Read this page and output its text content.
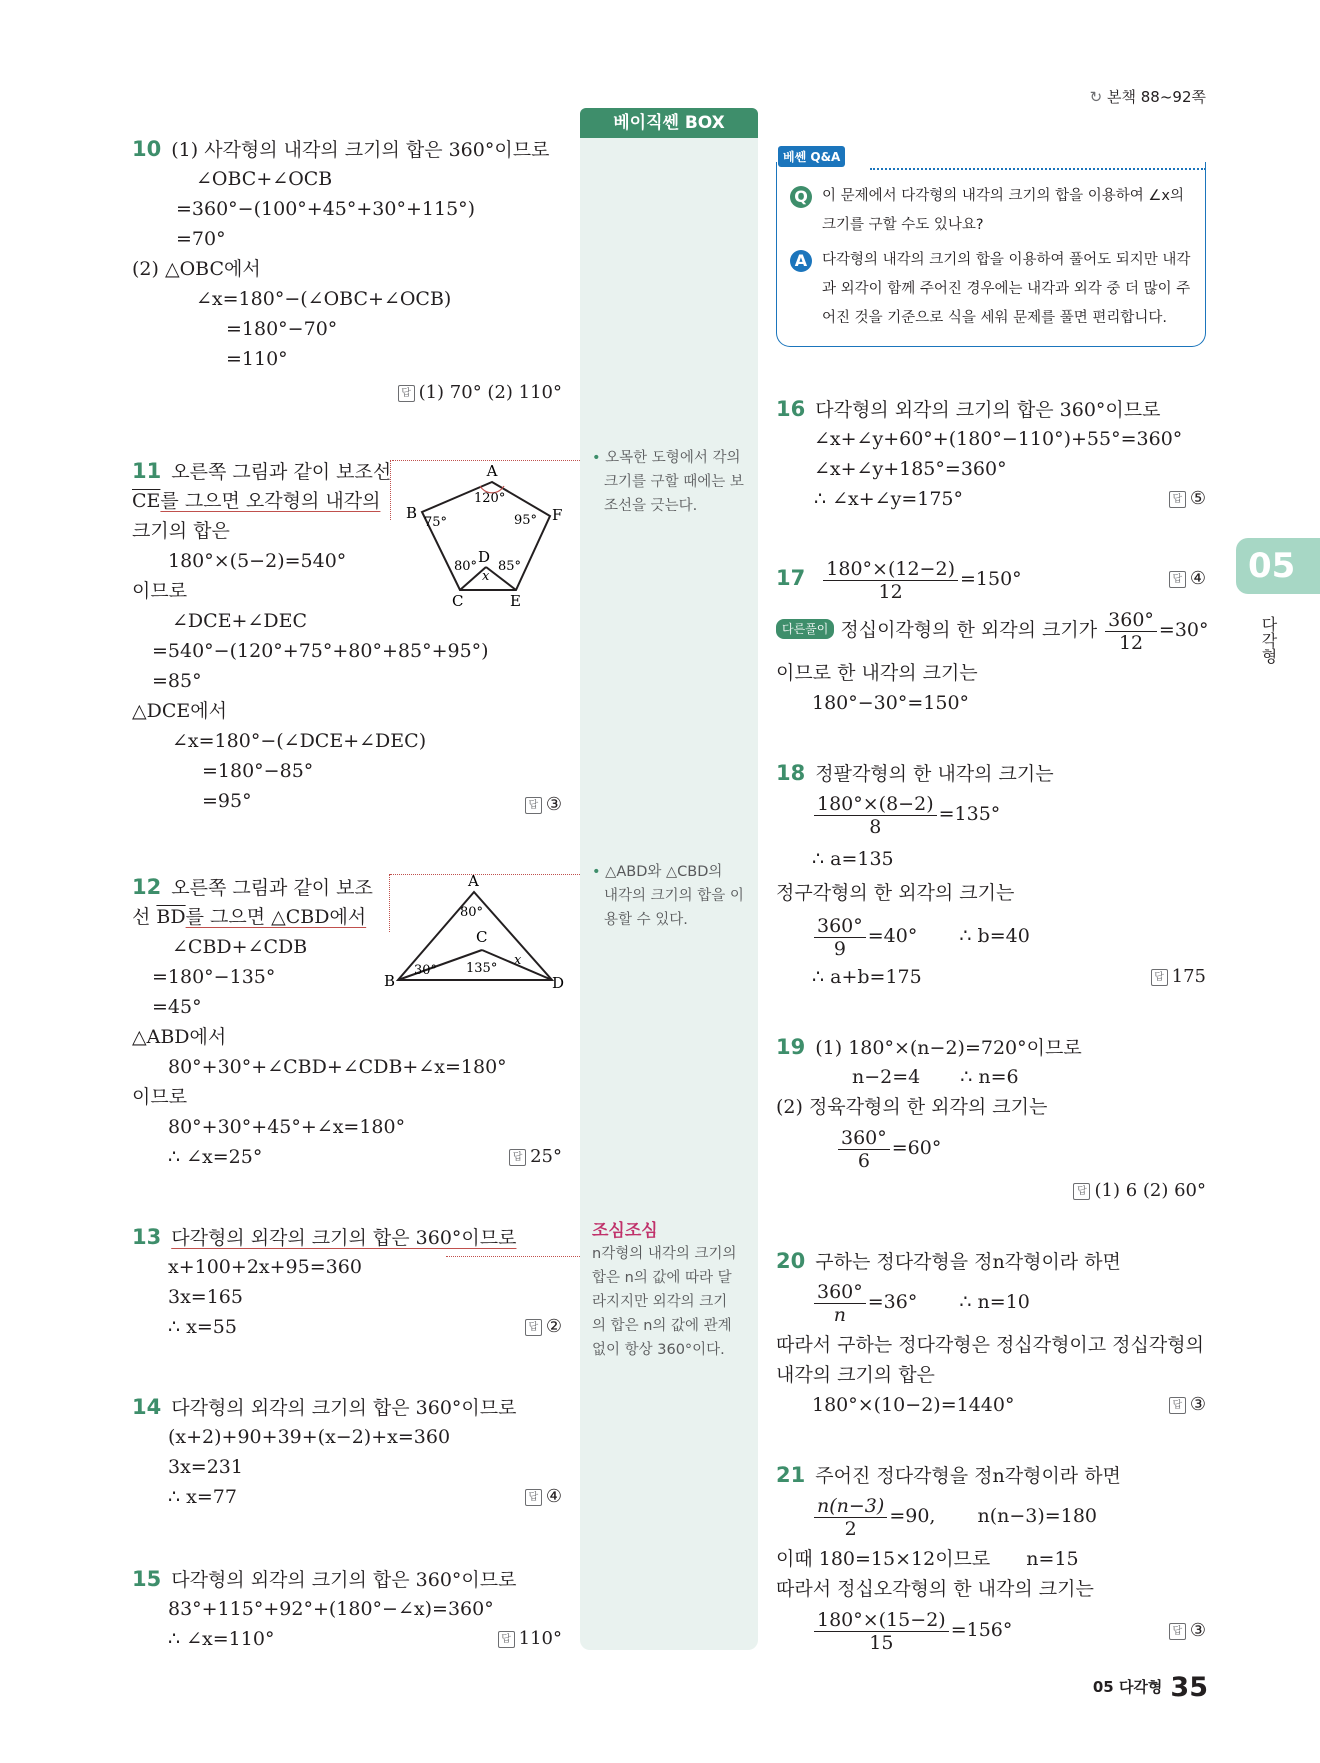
↻ 본책 88~92쪽
베이직쎈 BOX
• 오목한 도형에서 각의
크기를 구할 때에는 보
조선을 긋는다.
• △ABD와 △CBD의
내각의 크기의 합을 이
용할 수 있다.
조심조심
n각형의 내각의 크기의
합은 n의 값에 따라 달
라지지만 외각의 크기
의 합은 n의 값에 관계
없이 항상 360°이다.
베쎈 Q&A
Q 이 문제에서 다각형의 내각의 크기의 합을 이용하여 ∠x의
크기를 구할 수도 있나요?
A	다각형의 내각의 크기의 합을 이용하여 풀어도 되지만 내각
과 외각이 함께 주어진 경우에는 내각과 외각 중 더 많이 주
어진 것을 기준으로 식을 세워 문제를 풀면 편리합니다.
05
다각형
10 (1) 사각형의 내각의 크기의 합은 360°이므로
∠OBC+∠OCB
=360°−(100°+45°+30°+115°)
=70°
(2) △OBC에서
∠x=180°−(∠OBC+∠OCB)
=180°−70°
=110°
답 (1) 70° (2) 110°
11 오른쪽 그림과 같이 보조선
$\overline{CE}$를 그으면 오각형의 내각의
크기의 합은
180°×(5−2)=540°
이므로
∠DCE+∠DEC
=540°−(120°+75°+80°+85°+95°)
=85°
△DCE에서
∠x=180°−(∠DCE+∠DEC)
=180°−85°
=95°	답 ③
A
B
C
D
E
F
120°
75°	95°
80° 85°
x
12 오른쪽 그림과 같이 보조
선 $\overline{BD}$를 그으면 △CBD에서
∠CBD+∠CDB
=180°−135°
=45°
△ABD에서
80°+30°+∠CBD+∠CDB+∠x=180°
이므로
80°+30°+45°+∠x=180°
∴ ∠x=25°	답 25°
A
B
C
D
80°
30° 135°
x
13 다각형의 외각의 크기의 합은 360°이므로
x+100+2x+95=360
3x=165
∴ x=55	답 ②
14 다각형의 외각의 크기의 합은 360°이므로
(x+2)+90+39+(x−2)+x=360
3x=231
∴ x=77	답 ④
15 다각형의 외각의 크기의 합은 360°이므로
83°+115°+92°+(180°−∠x)=360°
∴ ∠x=110°	답 110°
16 다각형의 외각의 크기의 합은 360°이므로
∠x+∠y+60°+(180°−110°)+55°=360°
∠x+∠y+185°=360°
∴ ∠x+∠y=175°	답 ⑤
$17 \frac{180^\circ\times(12-2)}{12} =150^\circ$	답 ④
다른풀이 정십이각형의 한 외각의 크기가 $\frac{360^\circ}{12} =30^\circ$
이므로 한 내각의 크기는
180°−30°=150°
18 정팔각형의 한 내각의 크기는
$\frac{180^\circ\times(8-2)}{8} =135^\circ$
∴ a=135
정구각형의 한 외각의 크기는
$\frac{360^\circ}{9} =40^\circ$ ∴ b=40
∴ a+b=175	답 175
19 (1) 180°×(n−2)=720°이므로
n−2=4 ∴ n=6
(2) 정육각형의 한 외각의 크기는
$\frac{360^\circ}{6} =60^\circ$
답 (1) 6 (2) 60°
20 구하는 정다각형을 정n각형이라 하면
$\frac{360^\circ}{n} =36^\circ$ ∴ n=10
따라서 구하는 정다각형은 정십각형이고 정십각형의
내각의 크기의 합은
180°×(10−2)=1440°	답 ③
21 주어진 정다각형을 정n각형이라 하면
$\frac{n(n-3)}{2} =90$, n(n−3)=180
이때 180=15×12이므로 n=15
따라서 정십오각형의 한 내각의 크기는
$\frac{180^\circ\times(15-2)}{15} =156^\circ$	답 ③
05 다각형 35
